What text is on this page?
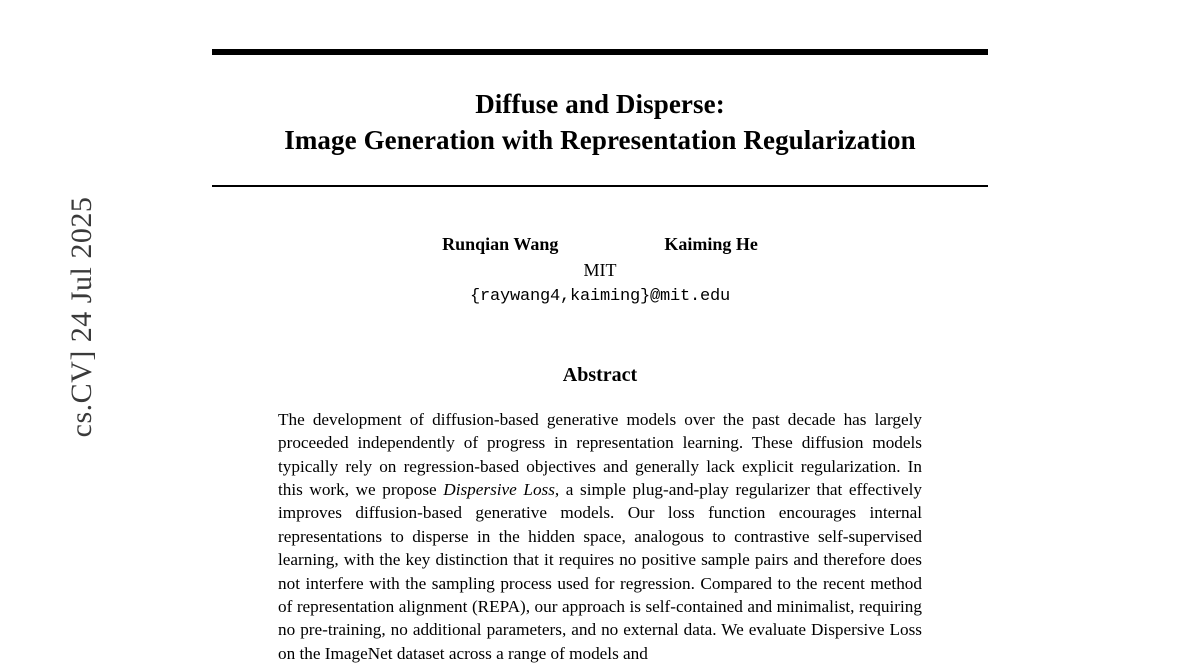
cs.CV] 24 Jul 2025
Diffuse and Disperse:
Image Generation with Representation Regularization
Runqian Wang	Kaiming He
MIT
{raywang4,kaiming}@mit.edu
Abstract
The development of diffusion-based generative models over the past decade has largely proceeded independently of progress in representation learning. These diffusion models typically rely on regression-based objectives and generally lack explicit regularization. In this work, we propose Dispersive Loss, a simple plug-and-play regularizer that effectively improves diffusion-based generative models. Our loss function encourages internal representations to disperse in the hidden space, analogous to contrastive self-supervised learning, with the key distinction that it requires no positive sample pairs and therefore does not interfere with the sampling process used for regression. Compared to the recent method of representation alignment (REPA), our approach is self-contained and minimalist, requiring no pre-training, no additional parameters, and no external data. We evaluate Dispersive Loss on the ImageNet dataset across a range of models and
